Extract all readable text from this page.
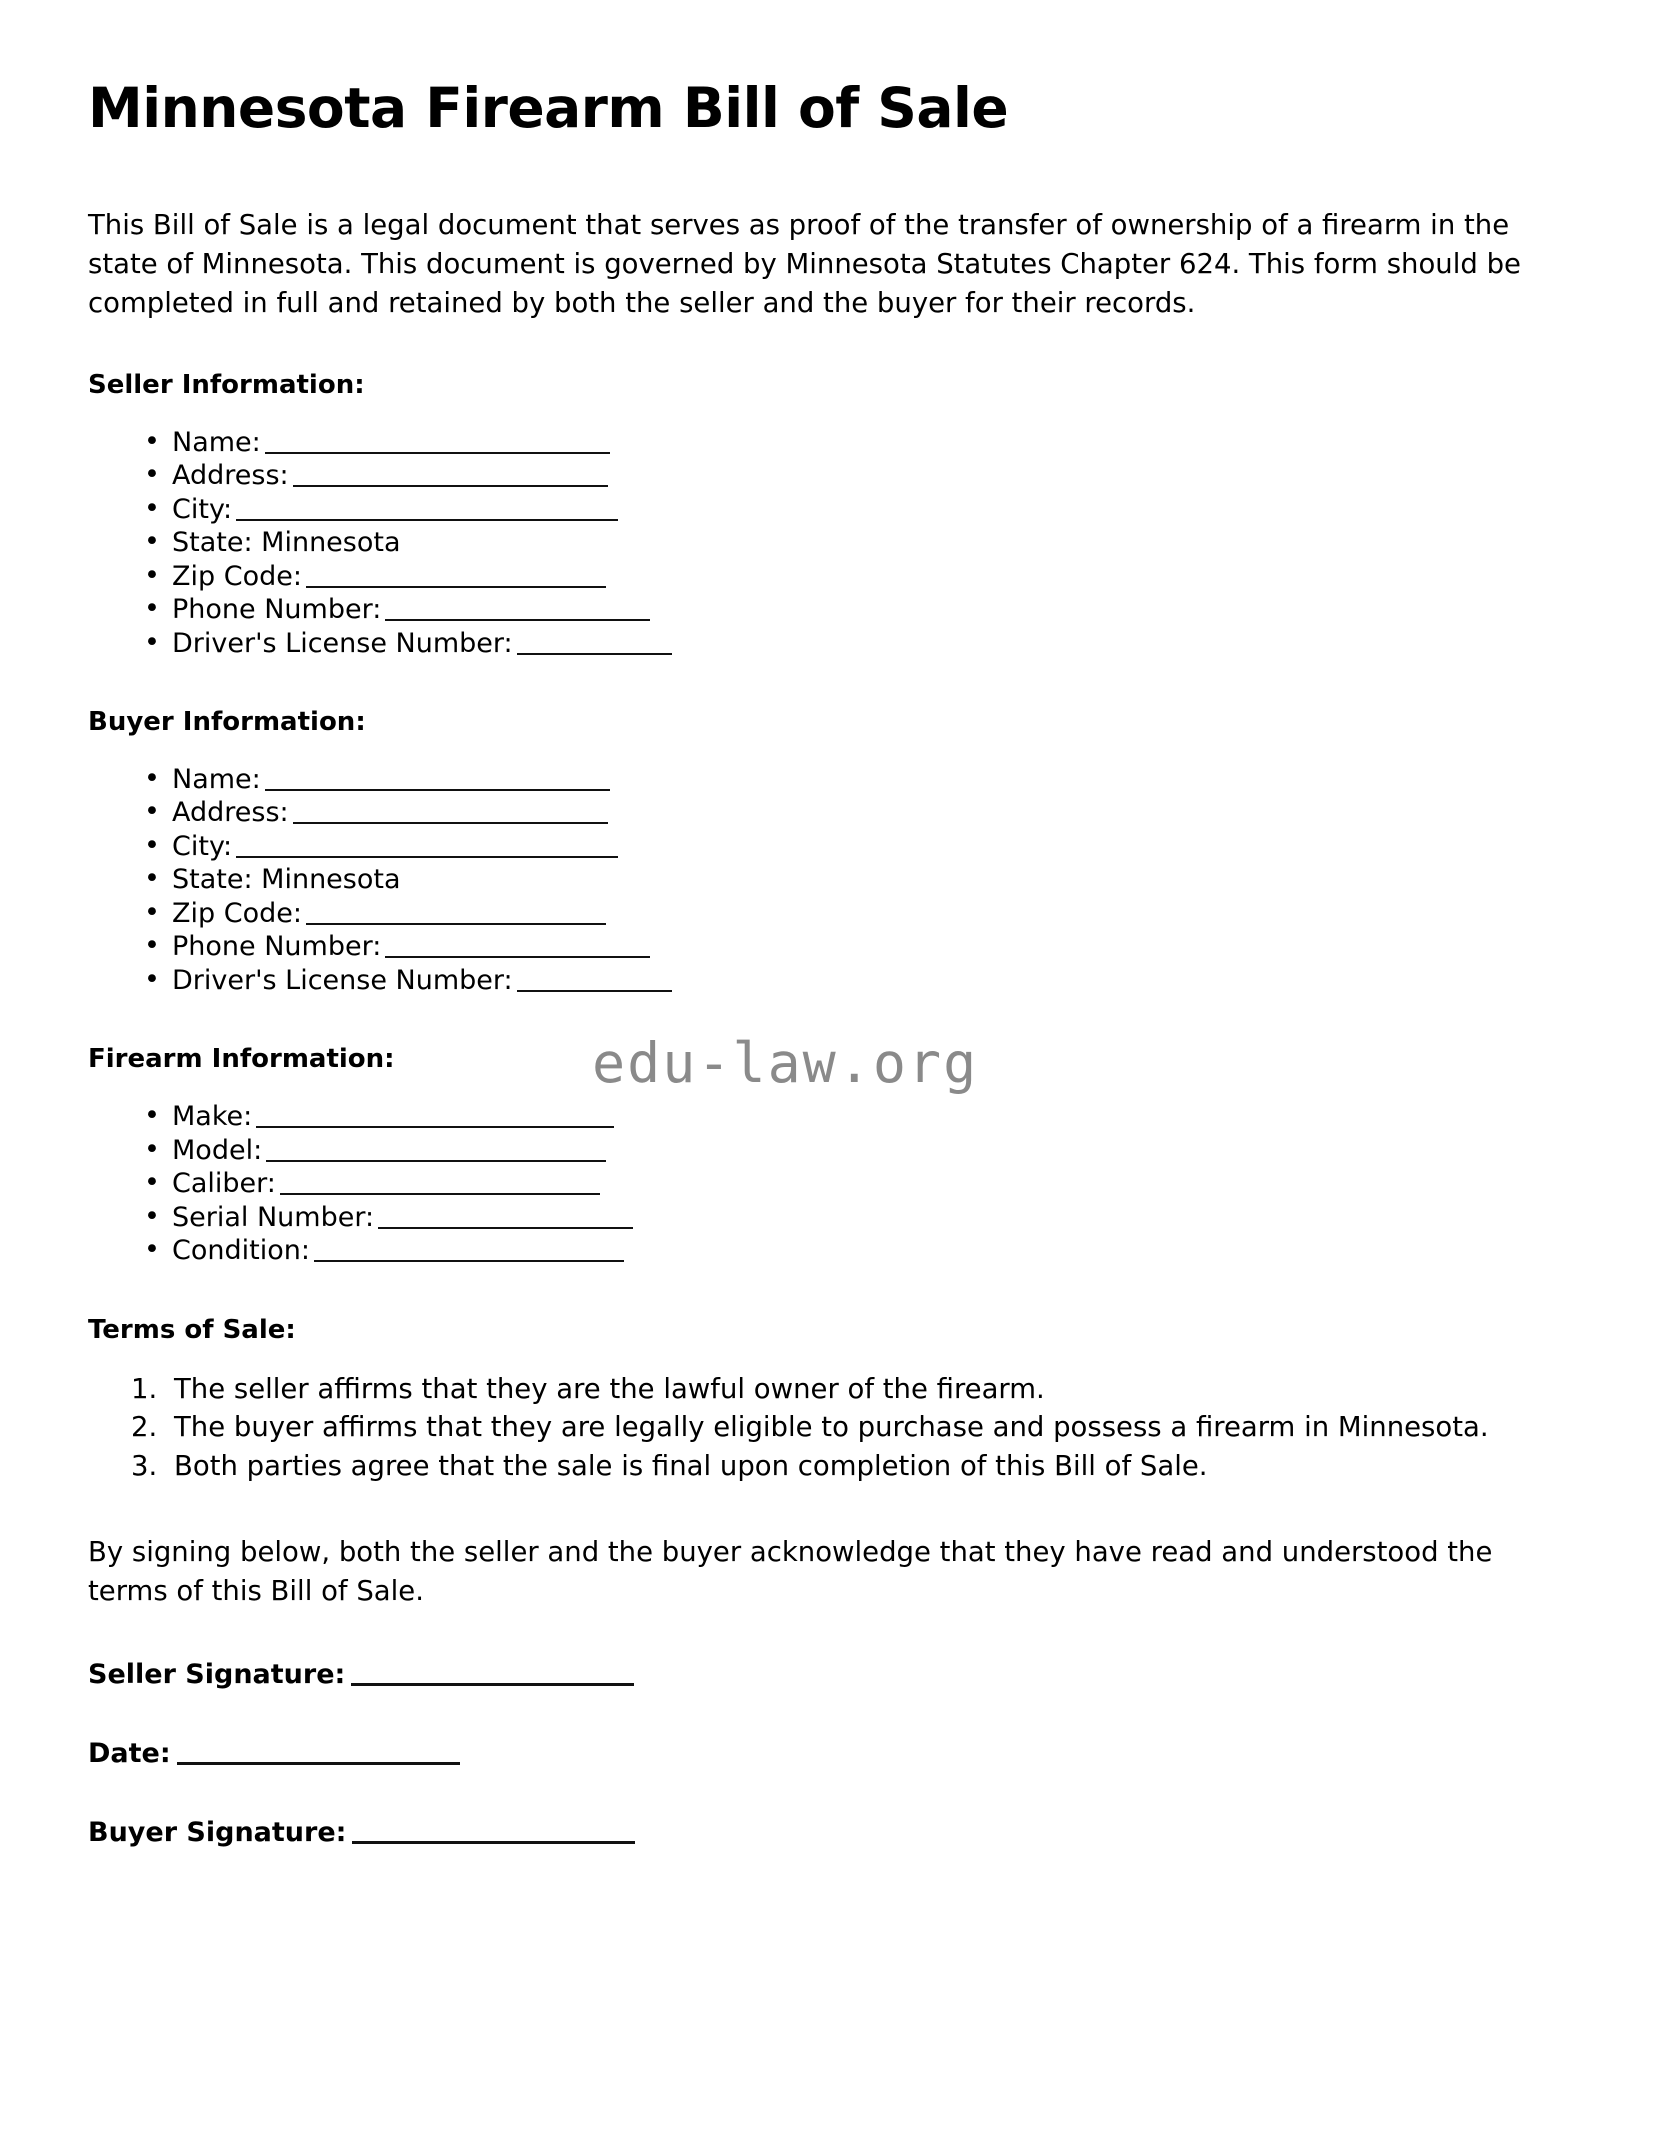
Minnesota Firearm Bill of Sale

This Bill of Sale is a legal document that serves as proof of the transfer of ownership of a firearm in the state of Minnesota. This document is governed by Minnesota Statutes Chapter 624. This form should be completed in full and retained by both the seller and the buyer for their records.

Seller Information:
• Name:
• Address:
• City:
• State: Minnesota
• Zip Code:
• Phone Number:
• Driver's License Number:
Buyer Information:
• Name:
• Address:
• City:
• State: Minnesota
• Zip Code:
• Phone Number:
• Driver's License Number:
Firearm Information:
• Make:
• Model:
• Caliber:
• Serial Number:
• Condition:
Terms of Sale:
1. The seller affirms that they are the lawful owner of the firearm.
2. The buyer affirms that they are legally eligible to purchase and possess a firearm in Minnesota.
3. Both parties agree that the sale is final upon completion of this Bill of Sale.

By signing below, both the seller and the buyer acknowledge that they have read and understood the terms of this Bill of Sale.

Seller Signature:
Date:
Buyer Signature:
edu-law.org
